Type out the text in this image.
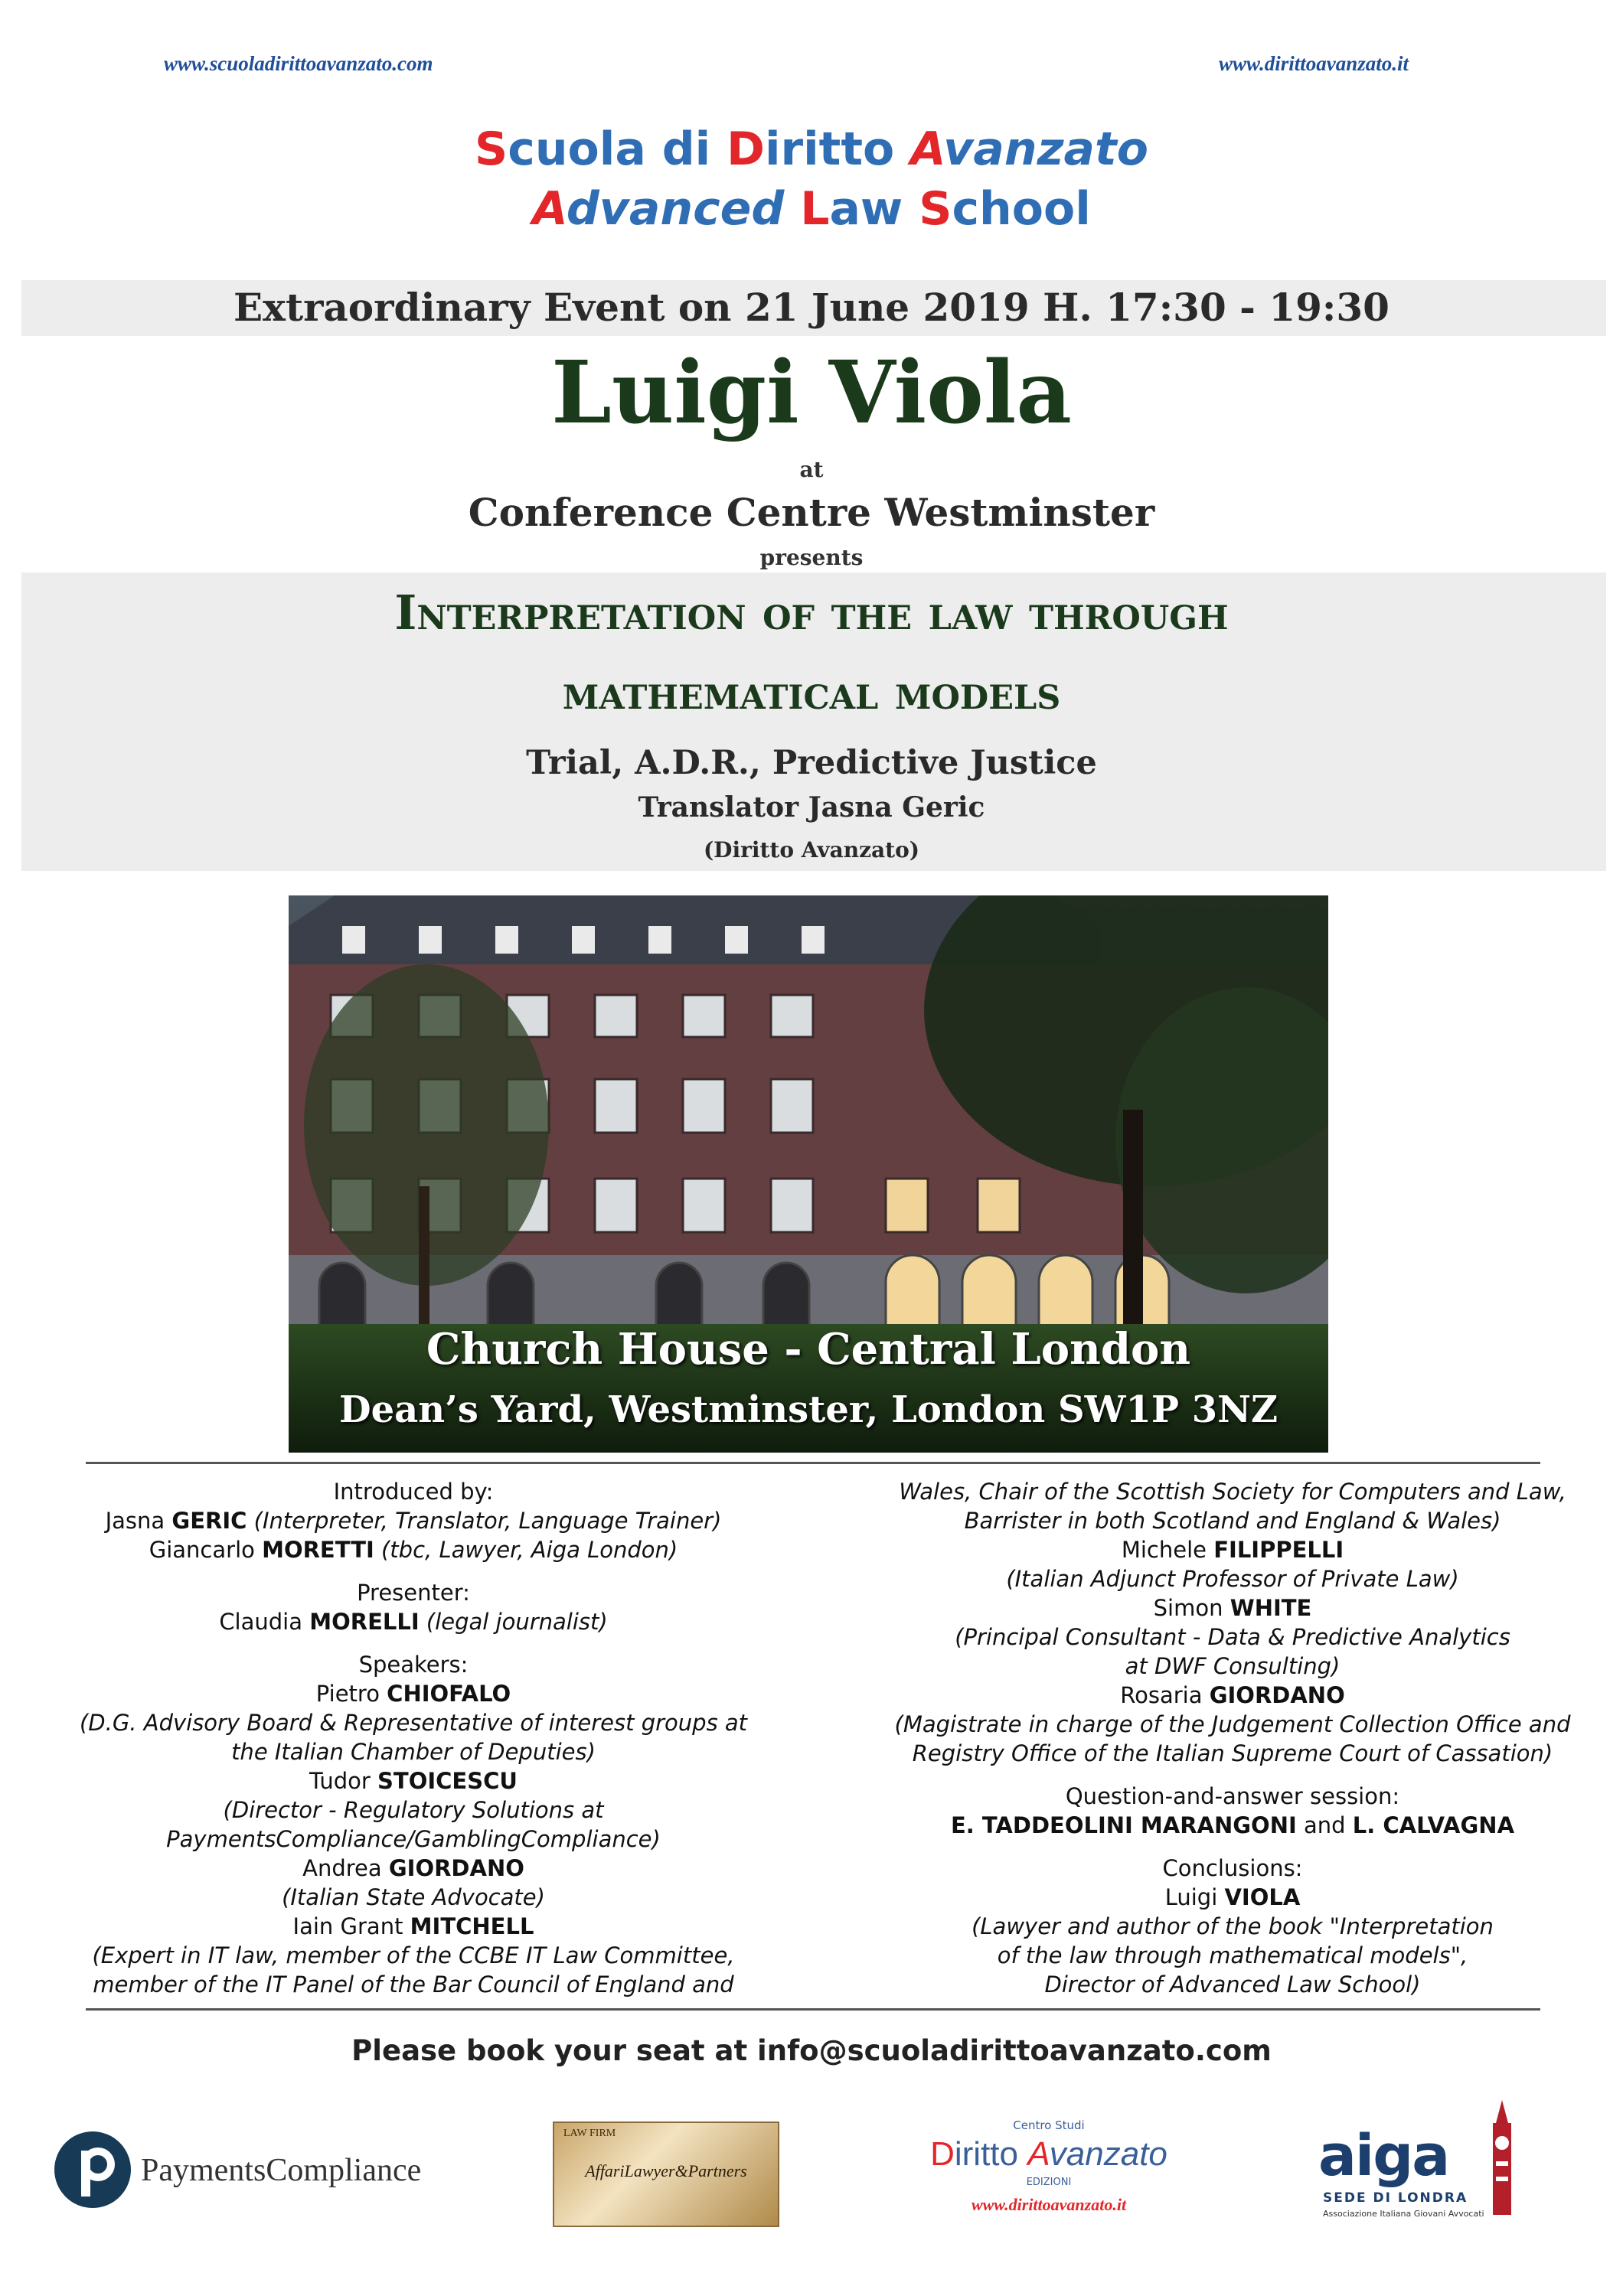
www.scuoladirittoavanzato.com	www.dirittoavanzato.it
Scuola di Diritto Avanzato
Advanced Law School
Extraordinary Event on 21 June 2019 H. 17:30 - 19:30
Luigi Viola
at
Conference Centre Westminster
presents
Interpretation of the law through
mathematical models
Trial, A.D.R., Predictive Justice
Translator Jasna Geric
(Diritto Avanzato)
Church House - Central London
Dean’s Yard, Westminster, London SW1P 3NZ

Introduced by:

Jasna GERIC (Interpreter, Translator, Language Trainer)

Giancarlo MORETTI (tbc, Lawyer, Aiga London)

Presenter:

Claudia MORELLI (legal journalist)

Speakers:

Pietro CHIOFALO

(D.G. Advisory Board & Representative of interest groups at

the Italian Chamber of Deputies)

Tudor STOICESCU

(Director - Regulatory Solutions at

PaymentsCompliance/GamblingCompliance)

Andrea GIORDANO

(Italian State Advocate)

Iain Grant MITCHELL

(Expert in IT law, member of the CCBE IT Law Committee,

member of the IT Panel of the Bar Council of England and

Wales, Chair of the Scottish Society for Computers and Law,

Barrister in both Scotland and England & Wales)

Michele FILIPPELLI

(Italian Adjunct Professor of Private Law)

Simon WHITE

(Principal Consultant - Data & Predictive Analytics

at DWF Consulting)

Rosaria GIORDANO

(Magistrate in charge of the Judgement Collection Office and

Registry Office of the Italian Supreme Court of Cassation)

Question-and-answer session:

E. TADDEOLINI MARANGONI and L. CALVAGNA

Conclusions:

Luigi VIOLA

(Lawyer and author of the book "Interpretation

of the law through mathematical models",

Director of Advanced Law School)

Please book your seat at info@scuoladirittoavanzato.com
PaymentsCompliance
LAW FIRM
AffariLawyer&Partners
Centro Studi
Diritto Avanzato
EDIZIONI
www.dirittoavanzato.it
aiga
SEDE DI LONDRA
Associazione Italiana Giovani Avvocati
